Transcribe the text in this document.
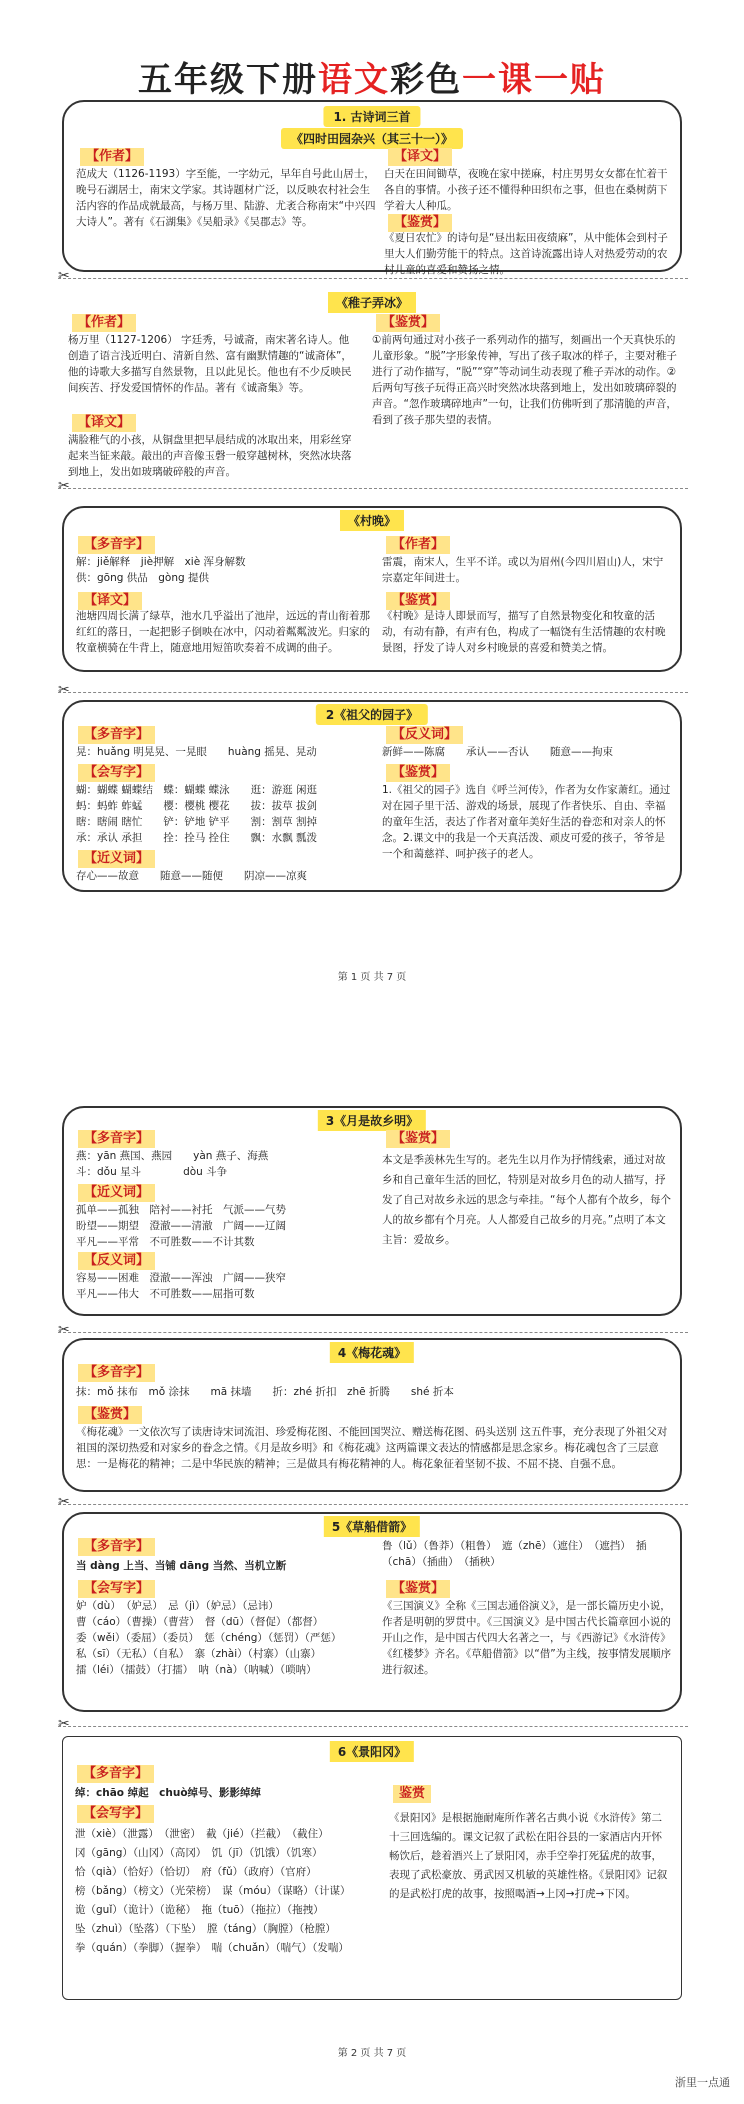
五年级下册语文彩色一课一贴
1. 古诗词三首
《四时田园杂兴（其三十一）》
【作者】
范成大（1126-1193）字至能，一字幼元，早年自号此山居士，晚号石湖居士，南宋文学家。其诗题材广泛，以反映农村社会生活内容的作品成就最高，与杨万里、陆游、尤袤合称南宋“中兴四大诗人”。著有《石湖集》《吴船录》《吴郡志》等。
【译文】
白天在田间锄草，夜晚在家中搓麻，村庄男男女女都在忙着干各自的事情。小孩子还不懂得种田织布之事，但也在桑树荫下学着大人种瓜。
【鉴赏】
《夏日农忙》的诗句是“昼出耘田夜绩麻”，从中能体会到村子里大人们勤劳能干的特点。这首诗流露出诗人对热爱劳动的农村儿童的喜爱和赞扬之情。
✂
《稚子弄冰》
【作者】
杨万里（1127-1206） 字廷秀，号诚斋，南宋著名诗人。他创造了语言浅近明白、清新自然、富有幽默情趣的“诚斋体”，他的诗歌大多描写自然景物，且以此见长。他也有不少反映民间疾苦、抒发爱国情怀的作品。著有《诚斋集》等。
【译文】
满脸稚气的小孩，从铜盘里把早晨结成的冰取出来，用彩丝穿起来当钲来敲。敲出的声音像玉磬一般穿越树林，突然冰块落到地上，发出如玻璃破碎般的声音。
【鉴赏】
①前两句通过对小孩子一系列动作的描写，刻画出一个天真快乐的儿童形象。“脱”字形象传神，写出了孩子取冰的样子，主要对稚子进行了动作描写，“脱”“穿”等动词生动表现了稚子弄冰的动作。②后两句写孩子玩得正高兴时突然冰块落到地上，发出如玻璃碎裂的声音。“忽作玻璃碎地声”一句，让我们仿佛听到了那清脆的声音，看到了孩子那失望的表情。
✂
《村晚》
【多音字】
解：jiě解释　jiè押解　xiè 浑身解数
供：gōng 供品　gòng 提供
【作者】
雷震，南宋人，生平不详。或以为眉州(今四川眉山)人，宋宁宗嘉定年间进士。
【译文】
池塘四周长满了绿草，池水几乎溢出了池岸，远远的青山衔着那红红的落日，一起把影子倒映在冰中，闪动着粼粼波光。归家的牧童横骑在牛背上，随意地用短笛吹奏着不成调的曲子。
【鉴赏】
《村晚》是诗人即景而写，描写了自然景物变化和牧童的活动，有动有静，有声有色，构成了一幅饶有生活情趣的农村晚景图，抒发了诗人对乡村晚景的喜爱和赞美之情。
✂
2《祖父的园子》
【多音字】
晃：huǎng 明晃晃、一晃眼　　huàng 摇晃、晃动
【反义词】
新鲜——陈腐　　承认——否认　　随意——拘束
【会写字】
蝴：蝴蝶 蝴蝶结　蝶：蝴蝶 蝶泳　　逛：游逛 闲逛
蚂：蚂蚱 蚱蜢　　樱：樱桃 樱花　　拔：拔草 拔剑
瞎：瞎闹 瞎忙　　铲：铲地 铲平　　割：割草 割掉
承：承认 承担　　拴：拴马 拴住　　飘：水飘 瓢泼
【近义词】
存心——故意　　随意——随便　　阴凉——凉爽
【鉴赏】
1.《祖父的园子》选自《呼兰河传》，作者为女作家萧红。通过对在园子里干活、游戏的场景，展现了作者快乐、自由、幸福的童年生活，表达了作者对童年美好生活的眷恋和对亲人的怀念。2.课文中的我是一个天真活泼、顽皮可爱的孩子，爷爷是一个和蔼慈祥、呵护孩子的老人。
第 1 页 共 7 页
3《月是故乡明》
【多音字】
燕：yān 燕国、燕园　　yàn 燕子、海燕
斗：dǒu 星斗　　　　dòu 斗争
【近义词】
孤单——孤独　陪衬——衬托　气派——气势
盼望——期望　澄澈——清澈　广阔——辽阔
平凡——平常　不可胜数——不计其数
【反义词】
容易——困难　澄澈——浑浊　广阔——狭窄
平凡——伟大　不可胜数——屈指可数
【鉴赏】
本文是季羡林先生写的。老先生以月作为抒情线索，通过对故乡和自己童年生活的回忆，特别是对故乡月色的动人描写，抒发了自己对故乡永远的思念与牵挂。“每个人都有个故乡，每个人的故乡都有个月亮。人人都爱自己故乡的月亮。”点明了本文主旨：爱故乡。
✂
4《梅花魂》
【多音字】
抹：mǒ 抹布　mǒ 涂抹　　mā 抹墙　　折：zhé 折扣　zhē 折腾　　shé 折本
【鉴赏】
《梅花魂》一文依次写了读唐诗宋词流泪、珍爱梅花图、不能回国哭泣、赠送梅花图、码头送别 这五件事，充分表现了外祖父对祖国的深切热爱和对家乡的眷念之情。《月是故乡明》和《梅花魂》这两篇课文表达的情感都是思念家乡。梅花魂包含了三层意思：一是梅花的精神；二是中华民族的精神；三是做具有梅花精神的人。梅花象征着坚韧不拔、不屈不挠、自强不息。
✂
5《草船借箭》
【多音字】
当 dàng 上当、当铺 dāng 当然、当机立断
鲁（lǔ）（鲁莽）（粗鲁）　遮（zhē）（遮住）　（遮挡）　插（chā）（插曲）　（插秧）
【会写字】
妒（dù）　（妒忌）　忌（jì）（妒忌）（忌讳）
曹（cáo）（曹操）（曹营）　督（dū）（督促）（都督）
委（wěi）（委屈）（委员）　惩（chéng）（惩罚）（严惩）
私（sī）（无私）（自私）　寨（zhài）（村寨）（山寨）
擂（léi）（擂鼓）（打擂）　呐（nà）（呐喊）（唢呐）
【鉴赏】
《三国演义》全称《三国志通俗演义》，是一部长篇历史小说，作者是明朝的罗贯中。《三国演义》是中国古代长篇章回小说的开山之作，是中国古代四大名著之一，与《西游记》《水浒传》《红楼梦》齐名。《草船借箭》以“借”为主线，按事情发展顺序进行叙述。
✂
6《景阳冈》
【多音字】
绰：chāo 绰起　chuò绰号、影影绰绰
【会写字】
泄（xiè）（泄露）　（泄密）　截（jié）（拦截）　（截住）
冈（gāng）（山冈）（高冈）　饥（jī）（饥饿）（饥寒）
恰（qià）（恰好）（恰切）　府（fǔ）（政府）（官府）
榜（bǎng）（榜文）（光荣榜）　谋（móu）（谋略）（计谋）
诡（guǐ）（诡计）（诡秘）　拖（tuō）（拖拉）（拖拽）
坠（zhuì）（坠落）（下坠）　膛（táng）（胸膛）（枪膛）
拳（quán）（拳脚）（握拳）　喘（chuǎn）（喘气）（发喘）
鉴赏
《景阳冈》是根据施耐庵所作著名古典小说《水浒传》第二十三回选编的。课文记叙了武松在阳谷县的一家酒店内开怀畅饮后，趁着酒兴上了景阳冈，赤手空拳打死猛虎的故事，表现了武松豪放、勇武因又机敏的英雄性格。《景阳冈》记叙的是武松打虎的故事，按照喝酒→上冈→打虎→下冈。
第 2 页 共 7 页
浙里一点通
